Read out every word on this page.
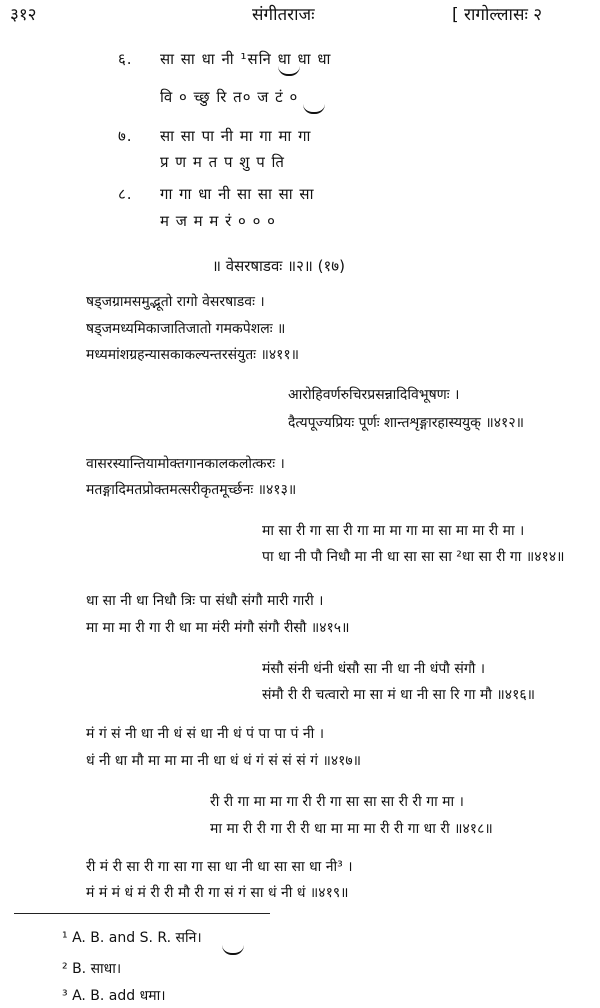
३१२	संगीतराजः	[ रागोल्लासः २
६. सा सा धा नी ¹सनि धा धा धा
वि ० च्छु रि त० ज टं ०
७. सा सा पा नी मा गा मा गा
प्र ण म त प शु प ति
८. गा गा धा नी सा सा सा सा
म ज म म रं ० ० ०
॥ वेसरषाडवः ॥२॥ (१७)
षड्जग्रामसमुद्भूतो रागो वेसरषाडवः ।
षड्जमध्यमिकाजातिजातो गमकपेशलः ॥
मध्यमांशग्रहन्यासकाकल्यन्तरसंयुतः ॥४११॥
आरोहिवर्णरुचिरप्रसन्नादिविभूषणः ।
दैत्यपूज्यप्रियः पूर्णः शान्तशृङ्गारहास्ययुक् ॥४१२॥
वासरस्यान्तियामोक्तगानकालकलोत्करः ।
मतङ्गादिमतप्रोक्तमत्सरीकृतमूर्च्छनः ॥४१३॥
मा सा री गा सा री गा मा मा गा मा सा मा मा री मा ।
पा धा नी पौ निधौ मा नी धा सा सा सा ²धा सा री गा ॥४१४॥
धा सा नी धा निधौ त्रिः पा संधौ संगौ मारी गारी ।
मा मा मा री गा री धा मा मंरी मंगौ संगौ रीसौ ॥४१५॥
मंसौ संनी धंनी धंसौ सा नी धा नी धंपौ संगौ ।
संमौ री री चत्वारो मा सा मं धा नी सा रि गा मौ ॥४१६॥
मं गं सं नी धा नी धं सं धा नी धं पं पा पा पं नी ।
धं नी धा मौ मा मा मा नी धा धं धं गं सं सं सं गं ॥४१७॥
री री गा मा मा गा री री गा सा सा सा री री गा मा ।
मा मा री री गा री री धा मा मा मा री री गा धा री ॥४१८॥
री मं री सा री गा सा गा सा धा नी धा सा सा धा नी³ ।
मं मं मं धं मं री री मौ री गा सं गं सा धं नी धं ॥४१९॥
¹ A. B. and S. R. सनि।
² B. साधा।
³ A. B. add धमा।
